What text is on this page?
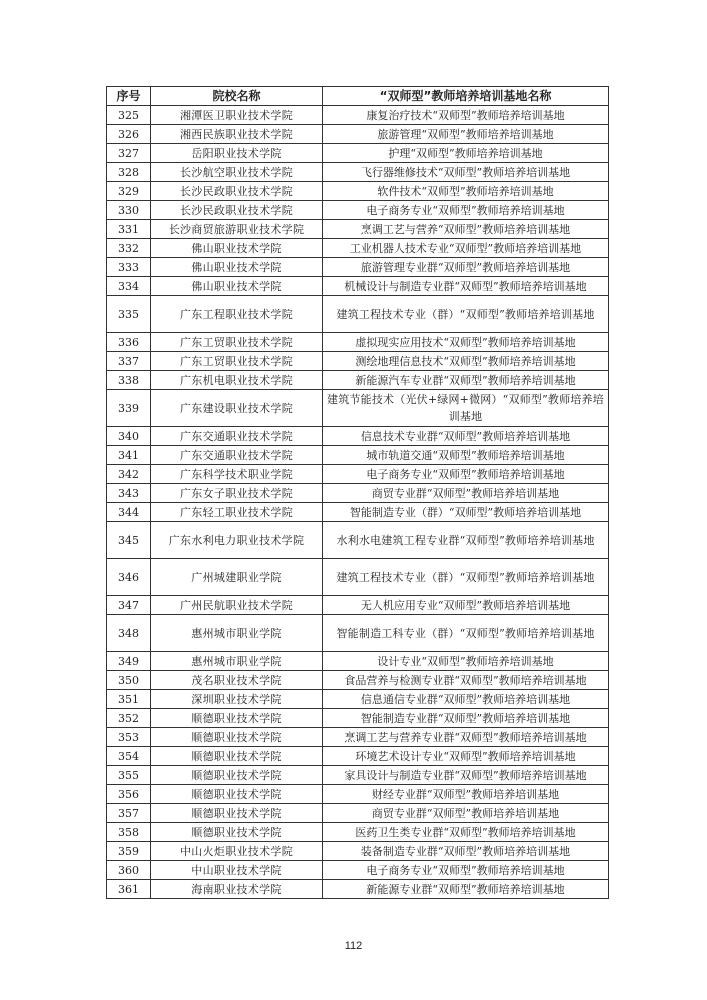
序号	院校名称	“双师型”教师培养培训基地名称
325	湘潭医卫职业技术学院	康复治疗技术“双师型”教师培养培训基地
326	湘西民族职业技术学院	旅游管理“双师型”教师培养培训基地
327	岳阳职业技术学院	护理“双师型”教师培养培训基地
328	长沙航空职业技术学院	飞行器维修技术“双师型”教师培养培训基地
329	长沙民政职业技术学院	软件技术“双师型”教师培养培训基地
330	长沙民政职业技术学院	电子商务专业“双师型”教师培养培训基地
331	长沙商贸旅游职业技术学院	烹调工艺与营养“双师型”教师培养培训基地
332	佛山职业技术学院	工业机器人技术专业“双师型”教师培养培训基地
333	佛山职业技术学院	旅游管理专业群“双师型”教师培养培训基地
334	佛山职业技术学院	机械设计与制造专业群“双师型”教师培养培训基地
335	广东工程职业技术学院	建筑工程技术专业（群）“双师型”教师培养培训基地
336	广东工贸职业技术学院	虚拟现实应用技术“双师型”教师培养培训基地
337	广东工贸职业技术学院	测绘地理信息技术“双师型”教师培养培训基地
338	广东机电职业技术学院	新能源汽车专业群“双师型”教师培养培训基地
339	广东建设职业技术学院	建筑节能技术（光伏+绿网+微网）“双师型”教师培养培训基地
340	广东交通职业技术学院	信息技术专业群“双师型”教师培养培训基地
341	广东交通职业技术学院	城市轨道交通“双师型”教师培养培训基地
342	广东科学技术职业学院	电子商务专业“双师型”教师培养培训基地
343	广东女子职业技术学院	商贸专业群“双师型”教师培养培训基地
344	广东轻工职业技术学院	智能制造专业（群）“双师型”教师培养培训基地
345	广东水利电力职业技术学院	水利水电建筑工程专业群“双师型”教师培养培训基地
346	广州城建职业学院	建筑工程技术专业（群）“双师型”教师培养培训基地
347	广州民航职业技术学院	无人机应用专业“双师型”教师培养培训基地
348	惠州城市职业学院	智能制造工科专业（群）“双师型”教师培养培训基地
349	惠州城市职业学院	设计专业“双师型”教师培养培训基地
350	茂名职业技术学院	食品营养与检测专业群“双师型”教师培养培训基地
351	深圳职业技术学院	信息通信专业群“双师型”教师培养培训基地
352	顺德职业技术学院	智能制造专业群“双师型”教师培养培训基地
353	顺德职业技术学院	烹调工艺与营养专业群“双师型”教师培养培训基地
354	顺德职业技术学院	环境艺术设计专业“双师型”教师培养培训基地
355	顺德职业技术学院	家具设计与制造专业群“双师型”教师培养培训基地
356	顺德职业技术学院	财经专业群“双师型”教师培养培训基地
357	顺德职业技术学院	商贸专业群“双师型”教师培养培训基地
358	顺德职业技术学院	医药卫生类专业群“双师型”教师培养培训基地
359	中山火炬职业技术学院	装备制造专业群“双师型”教师培养培训基地
360	中山职业技术学院	电子商务专业“双师型”教师培养培训基地
361	海南职业技术学院	新能源专业群“双师型”教师培养培训基地
112
